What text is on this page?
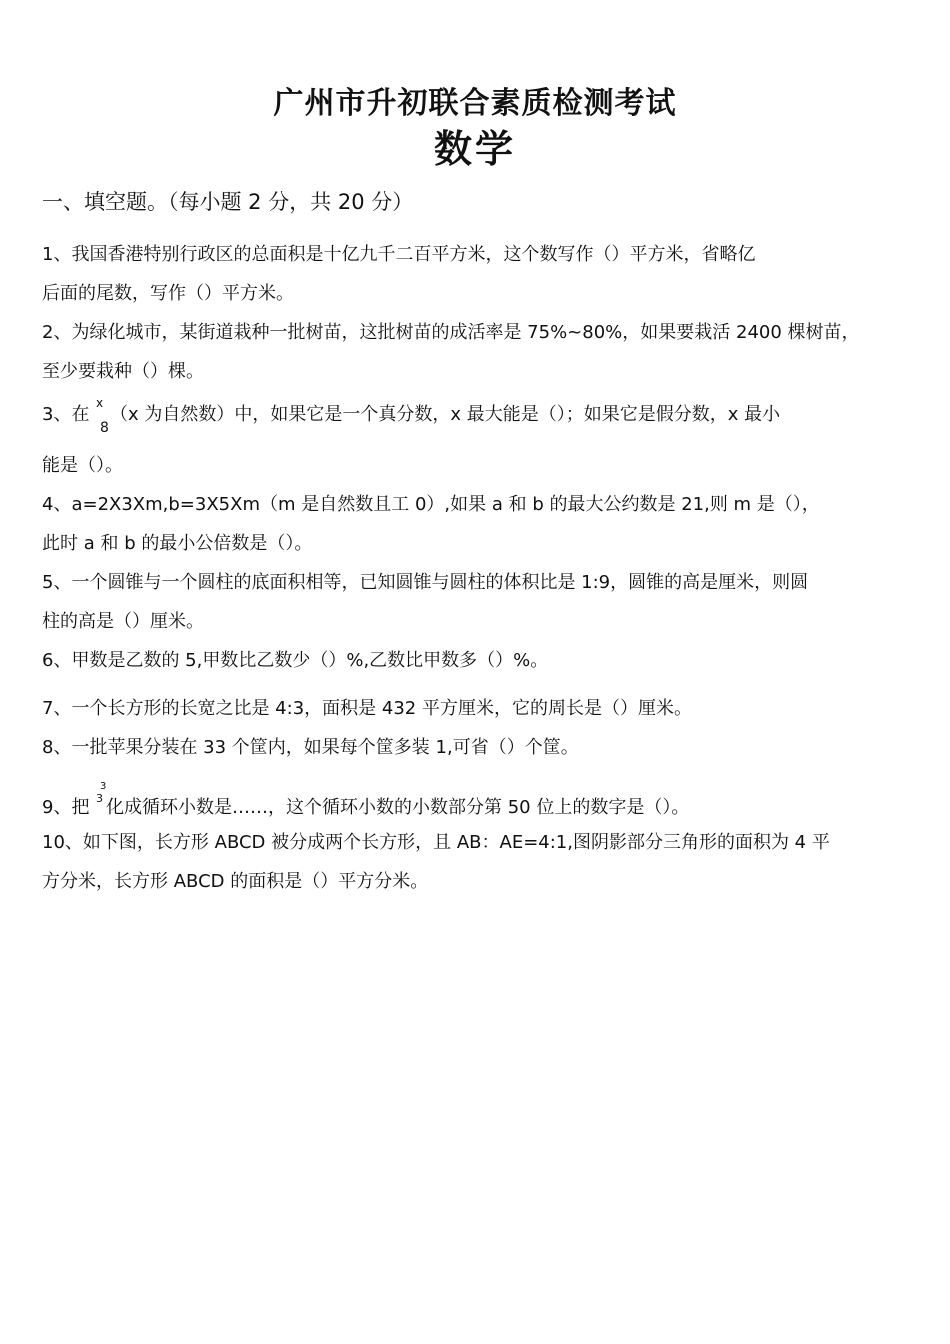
广州市升初联合素质检测考试
数学
一、填空题。（每小题 2 分，共 20 分）
1、我国香港特别行政区的总面积是十亿九千二百平方米，这个数写作（）平方米，省略亿
后面的尾数，写作（）平方米。
2、为绿化城市，某街道栽种一批树苗，这批树苗的成活率是 75%~80%，如果要栽活 2400 棵树苗，
至少要栽种（）棵。
3、在
x
8
（x 为自然数）中，如果它是一个真分数，x 最大能是（）；如果它是假分数，x 最小
能是（）。
4、a=2X3Xm,b=3X5Xm（m 是自然数且工 0）,如果 a 和 b 的最大公约数是 21,则 m 是（），
此时 a 和 b 的最小公倍数是（）。
5、一个圆锥与一个圆柱的底面积相等，已知圆锥与圆柱的体积比是 1:9，圆锥的高是厘米，则圆
柱的高是（）厘米。
6、甲数是乙数的 5,甲数比乙数少（）%,乙数比甲数多（）%。
7、一个长方形的长宽之比是 4:3，面积是 432 平方厘米，它的周长是（）厘米。
8、一批苹果分装在 33 个筐内，如果每个筐多装 1,可省（）个筐。
9、把
3
3 化成循环小数是……，这个循环小数的小数部分第 50 位上的数字是（）。
10、如下图，长方形 ABCD 被分成两个长方形，且 AB：AE=4:1,图阴影部分三角形的面积为 4 平
方分米，长方形 ABCD 的面积是（）平方分米。
